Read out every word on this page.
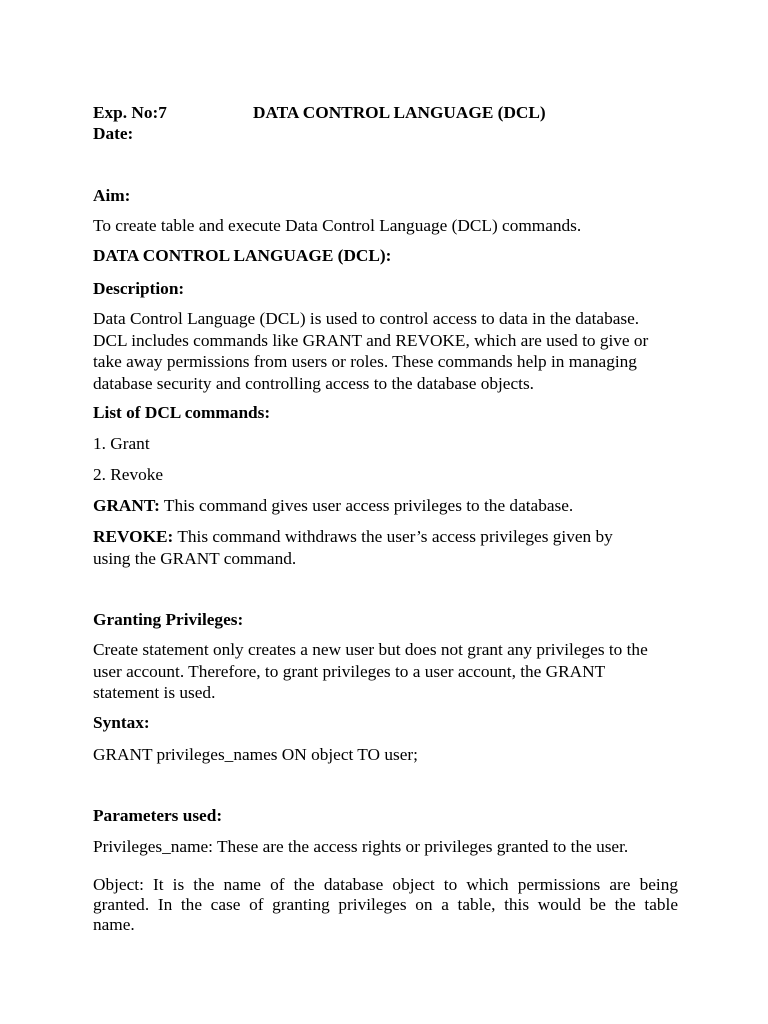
Exp. No:7	DATA CONTROL LANGUAGE (DCL)

Date:

Aim:

To create table and execute Data Control Language (DCL) commands.

DATA CONTROL LANGUAGE (DCL):

Description:

Data Control Language (DCL) is used to control access to data in the database.
DCL includes commands like GRANT and REVOKE, which are used to give or
take away permissions from users or roles. These commands help in managing
database security and controlling access to the database objects.

List of DCL commands:

1. Grant

2. Revoke

GRANT: This command gives user access privileges to the database.

REVOKE: This command withdraws the user’s access privileges given by
using the GRANT command.

Granting Privileges:

Create statement only creates a new user but does not grant any privileges to the
user account. Therefore, to grant privileges to a user account, the GRANT
statement is used.

Syntax:

GRANT privileges_names ON object TO user;

Parameters used:

Privileges_name: These are the access rights or privileges granted to the user.

Object: It is the name of the database object to which permissions are being
granted. In the case of granting privileges on a table, this would be the table
name.
